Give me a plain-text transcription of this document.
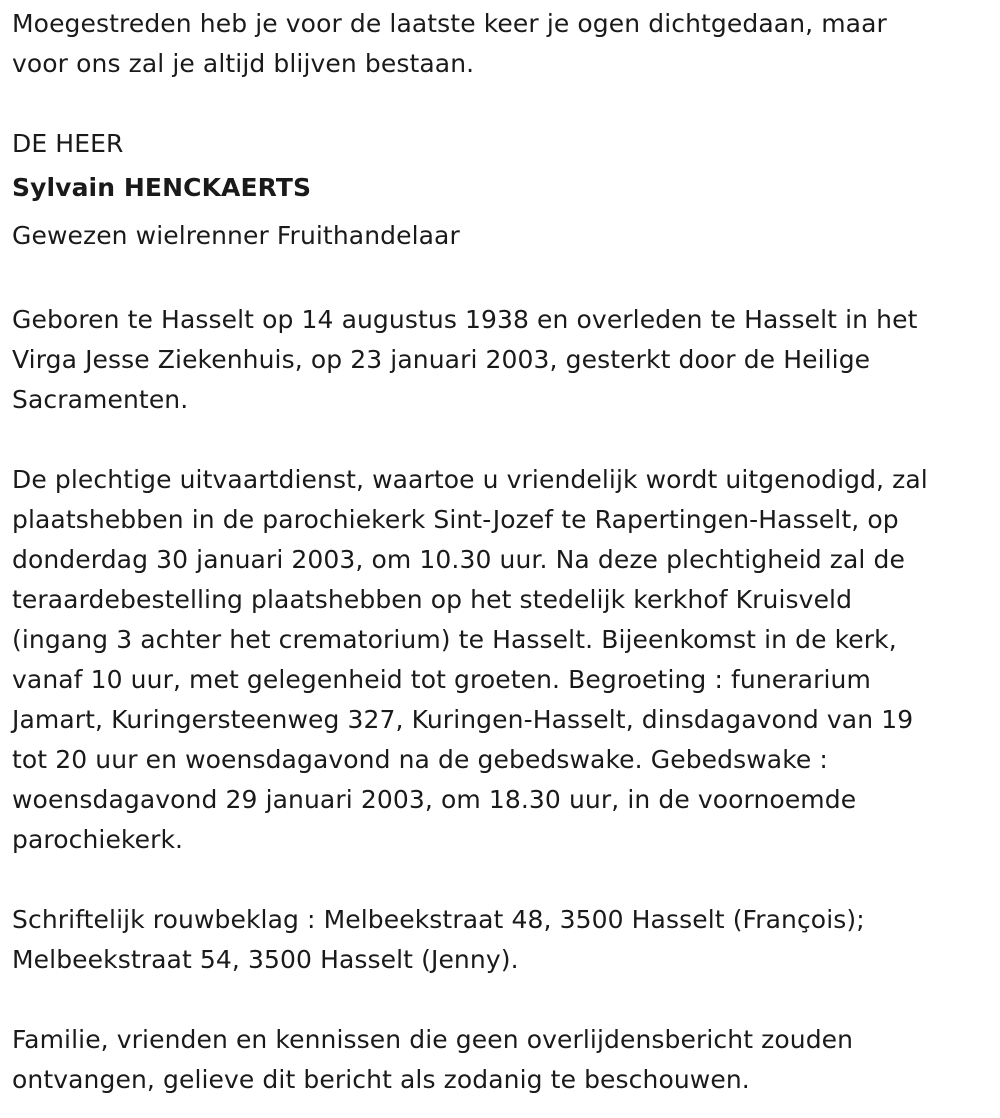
Moegestreden heb je voor de laatste keer je ogen dichtgedaan, maar

voor ons zal je altijd blijven bestaan.

DE HEER

Sylvain HENCKAERTS

Gewezen wielrenner Fruithandelaar

Geboren te Hasselt op 14 augustus 1938 en overleden te Hasselt in het

Virga Jesse Ziekenhuis, op 23 januari 2003, gesterkt door de Heilige

Sacramenten.

De plechtige uitvaartdienst, waartoe u vriendelijk wordt uitgenodigd, zal

plaatshebben in de parochiekerk Sint-Jozef te Rapertingen-Hasselt, op

donderdag 30 januari 2003, om 10.30 uur. Na deze plechtigheid zal de

teraardebestelling plaatshebben op het stedelijk kerkhof Kruisveld

(ingang 3 achter het crematorium) te Hasselt. Bijeenkomst in de kerk,

vanaf 10 uur, met gelegenheid tot groeten. Begroeting : funerarium

Jamart, Kuringersteenweg 327, Kuringen-Hasselt, dinsdagavond van 19

tot 20 uur en woensdagavond na de gebedswake. Gebedswake :

woensdagavond 29 januari 2003, om 18.30 uur, in de voornoemde

parochiekerk.

Schriftelijk rouwbeklag : Melbeekstraat 48, 3500 Hasselt (François);

Melbeekstraat 54, 3500 Hasselt (Jenny).

Familie, vrienden en kennissen die geen overlijdensbericht zouden

ontvangen, gelieve dit bericht als zodanig te beschouwen.
